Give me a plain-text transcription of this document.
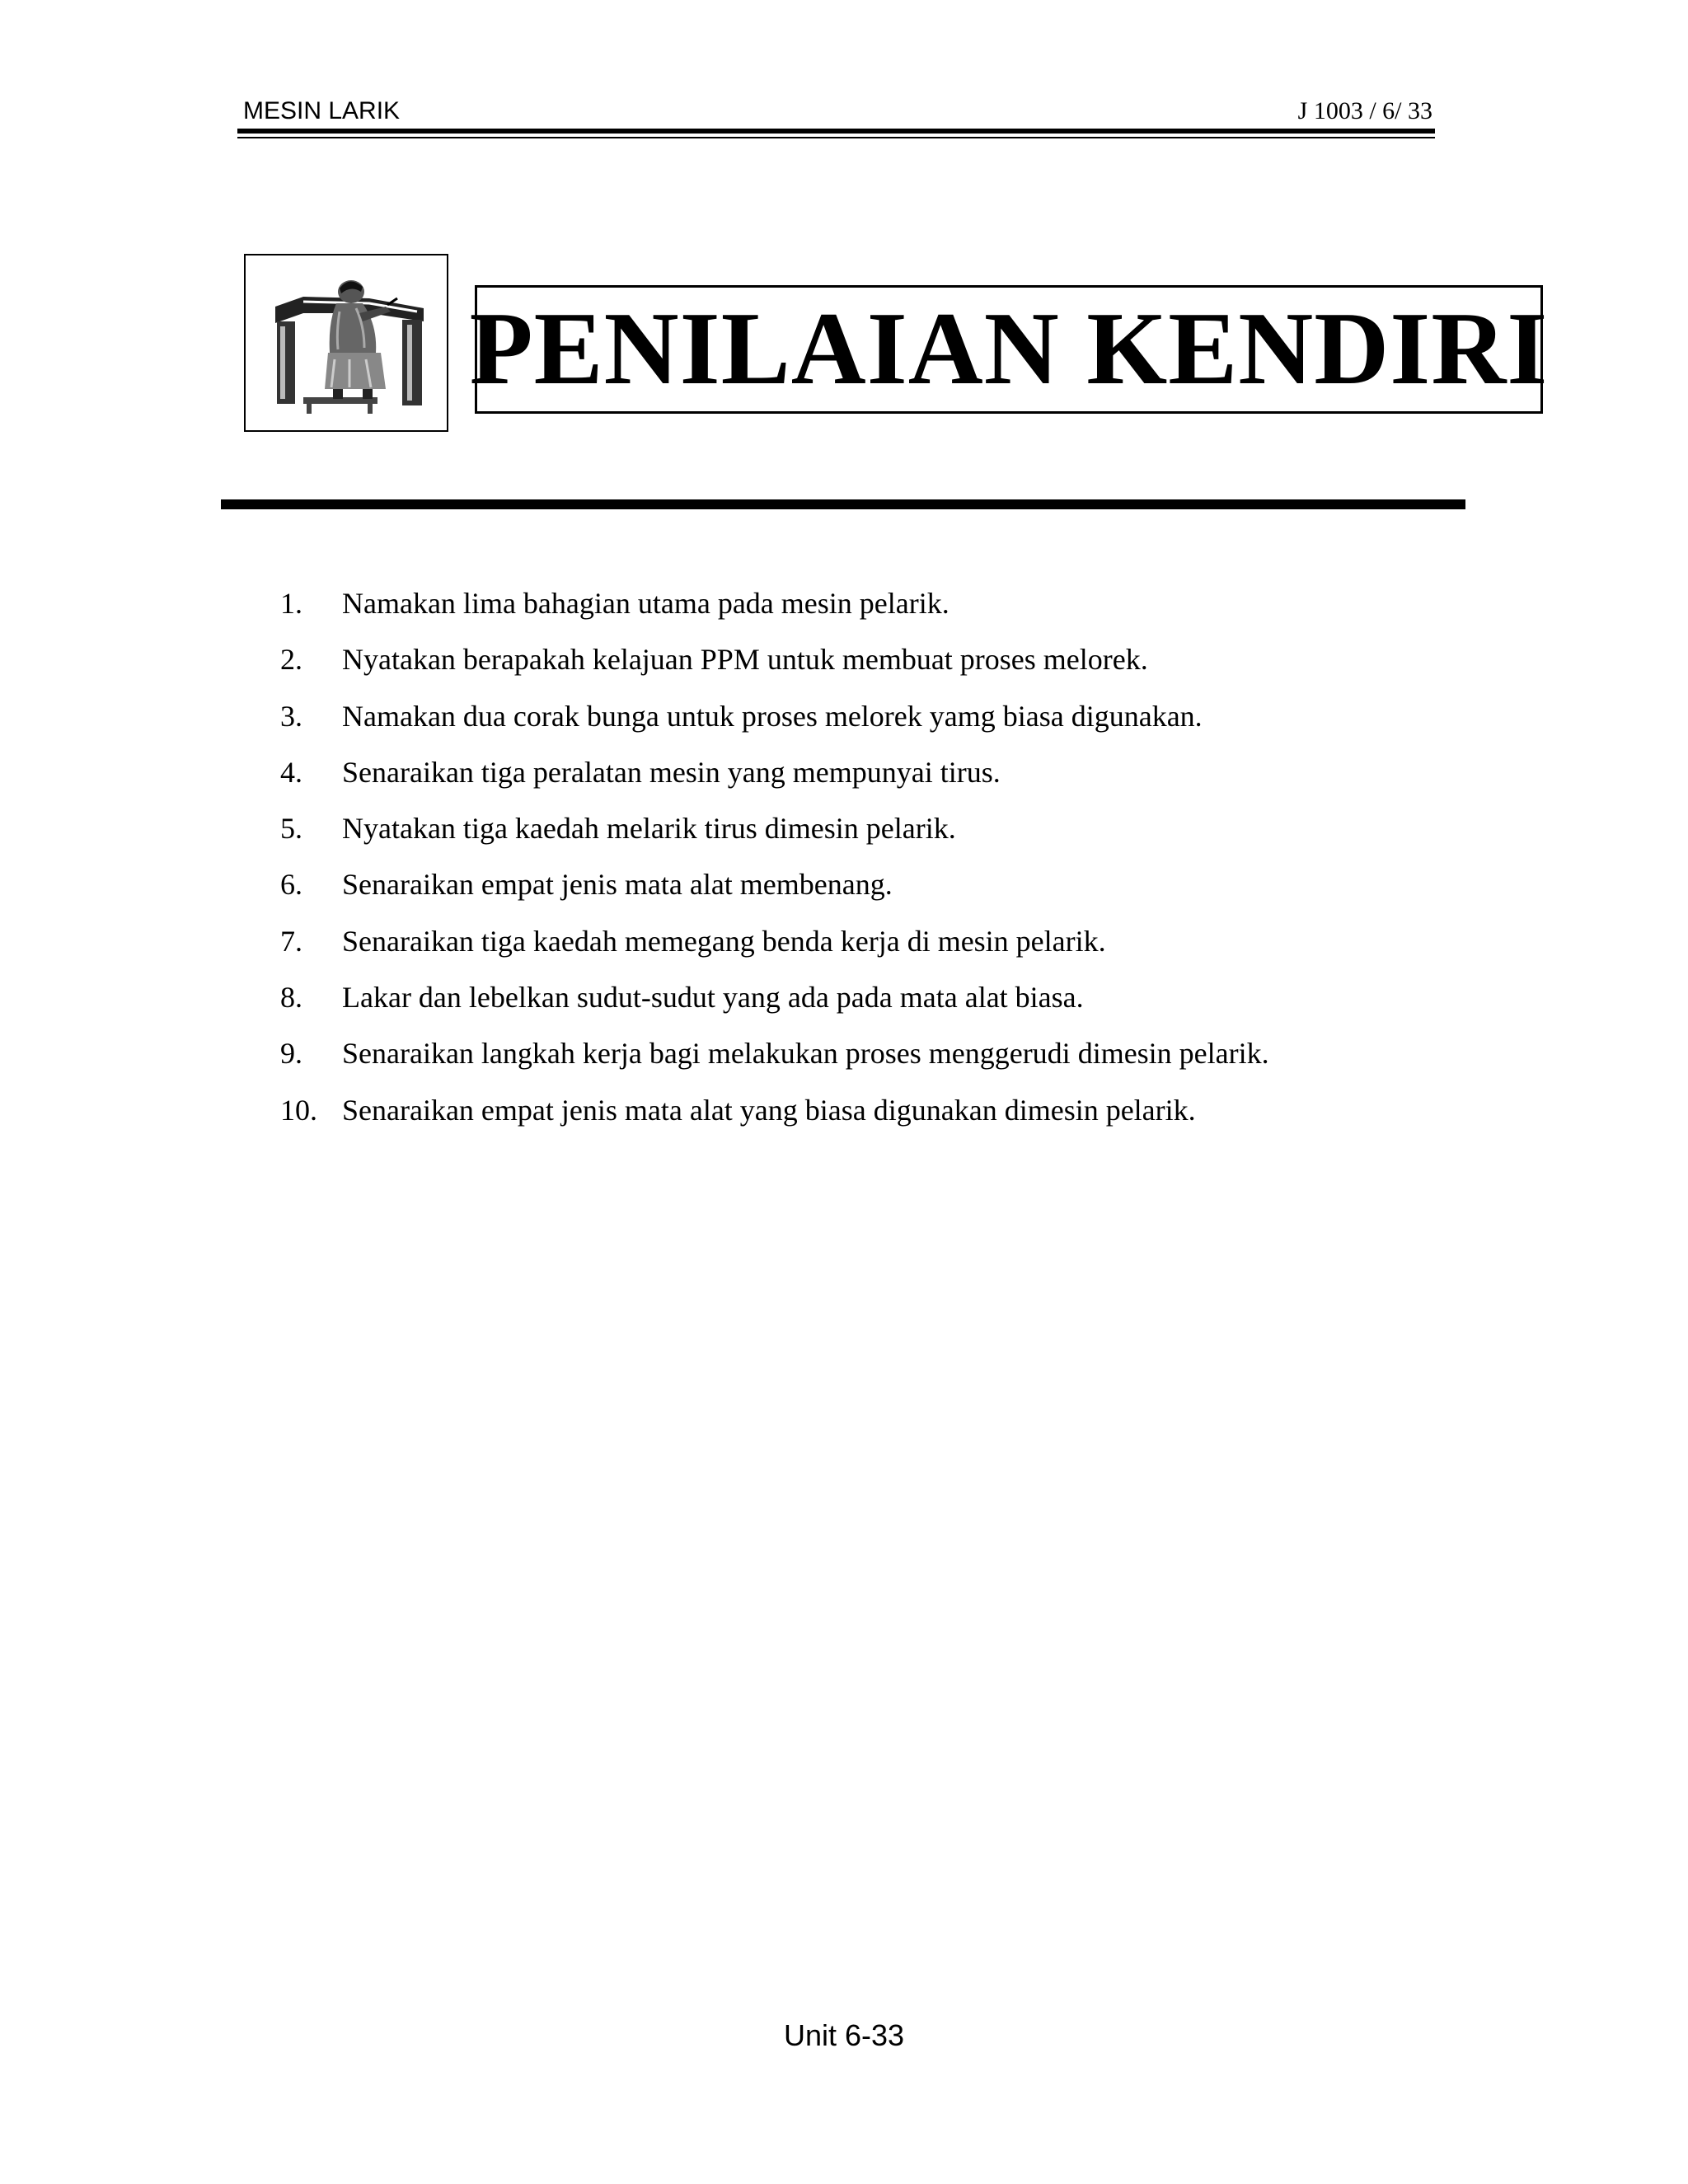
MESIN LARIK	J 1003 / 6/ 33
PENILAIAN KENDIRI
1.	Namakan lima bahagian utama pada mesin pelarik.
2.	Nyatakan berapakah kelajuan PPM untuk membuat proses melorek.
3.	Namakan dua corak bunga untuk proses melorek yamg biasa digunakan.
4.	Senaraikan tiga peralatan mesin yang mempunyai tirus.
5.	Nyatakan tiga kaedah melarik tirus dimesin pelarik.
6.	Senaraikan empat jenis mata alat membenang.
7.	Senaraikan tiga kaedah memegang benda kerja di mesin pelarik.
8.	Lakar dan lebelkan sudut-sudut yang ada pada mata alat biasa.
9.	Senaraikan langkah kerja bagi melakukan proses menggerudi dimesin pelarik.
10. Senaraikan empat jenis mata alat yang biasa digunakan dimesin pelarik.
Unit 6-33
